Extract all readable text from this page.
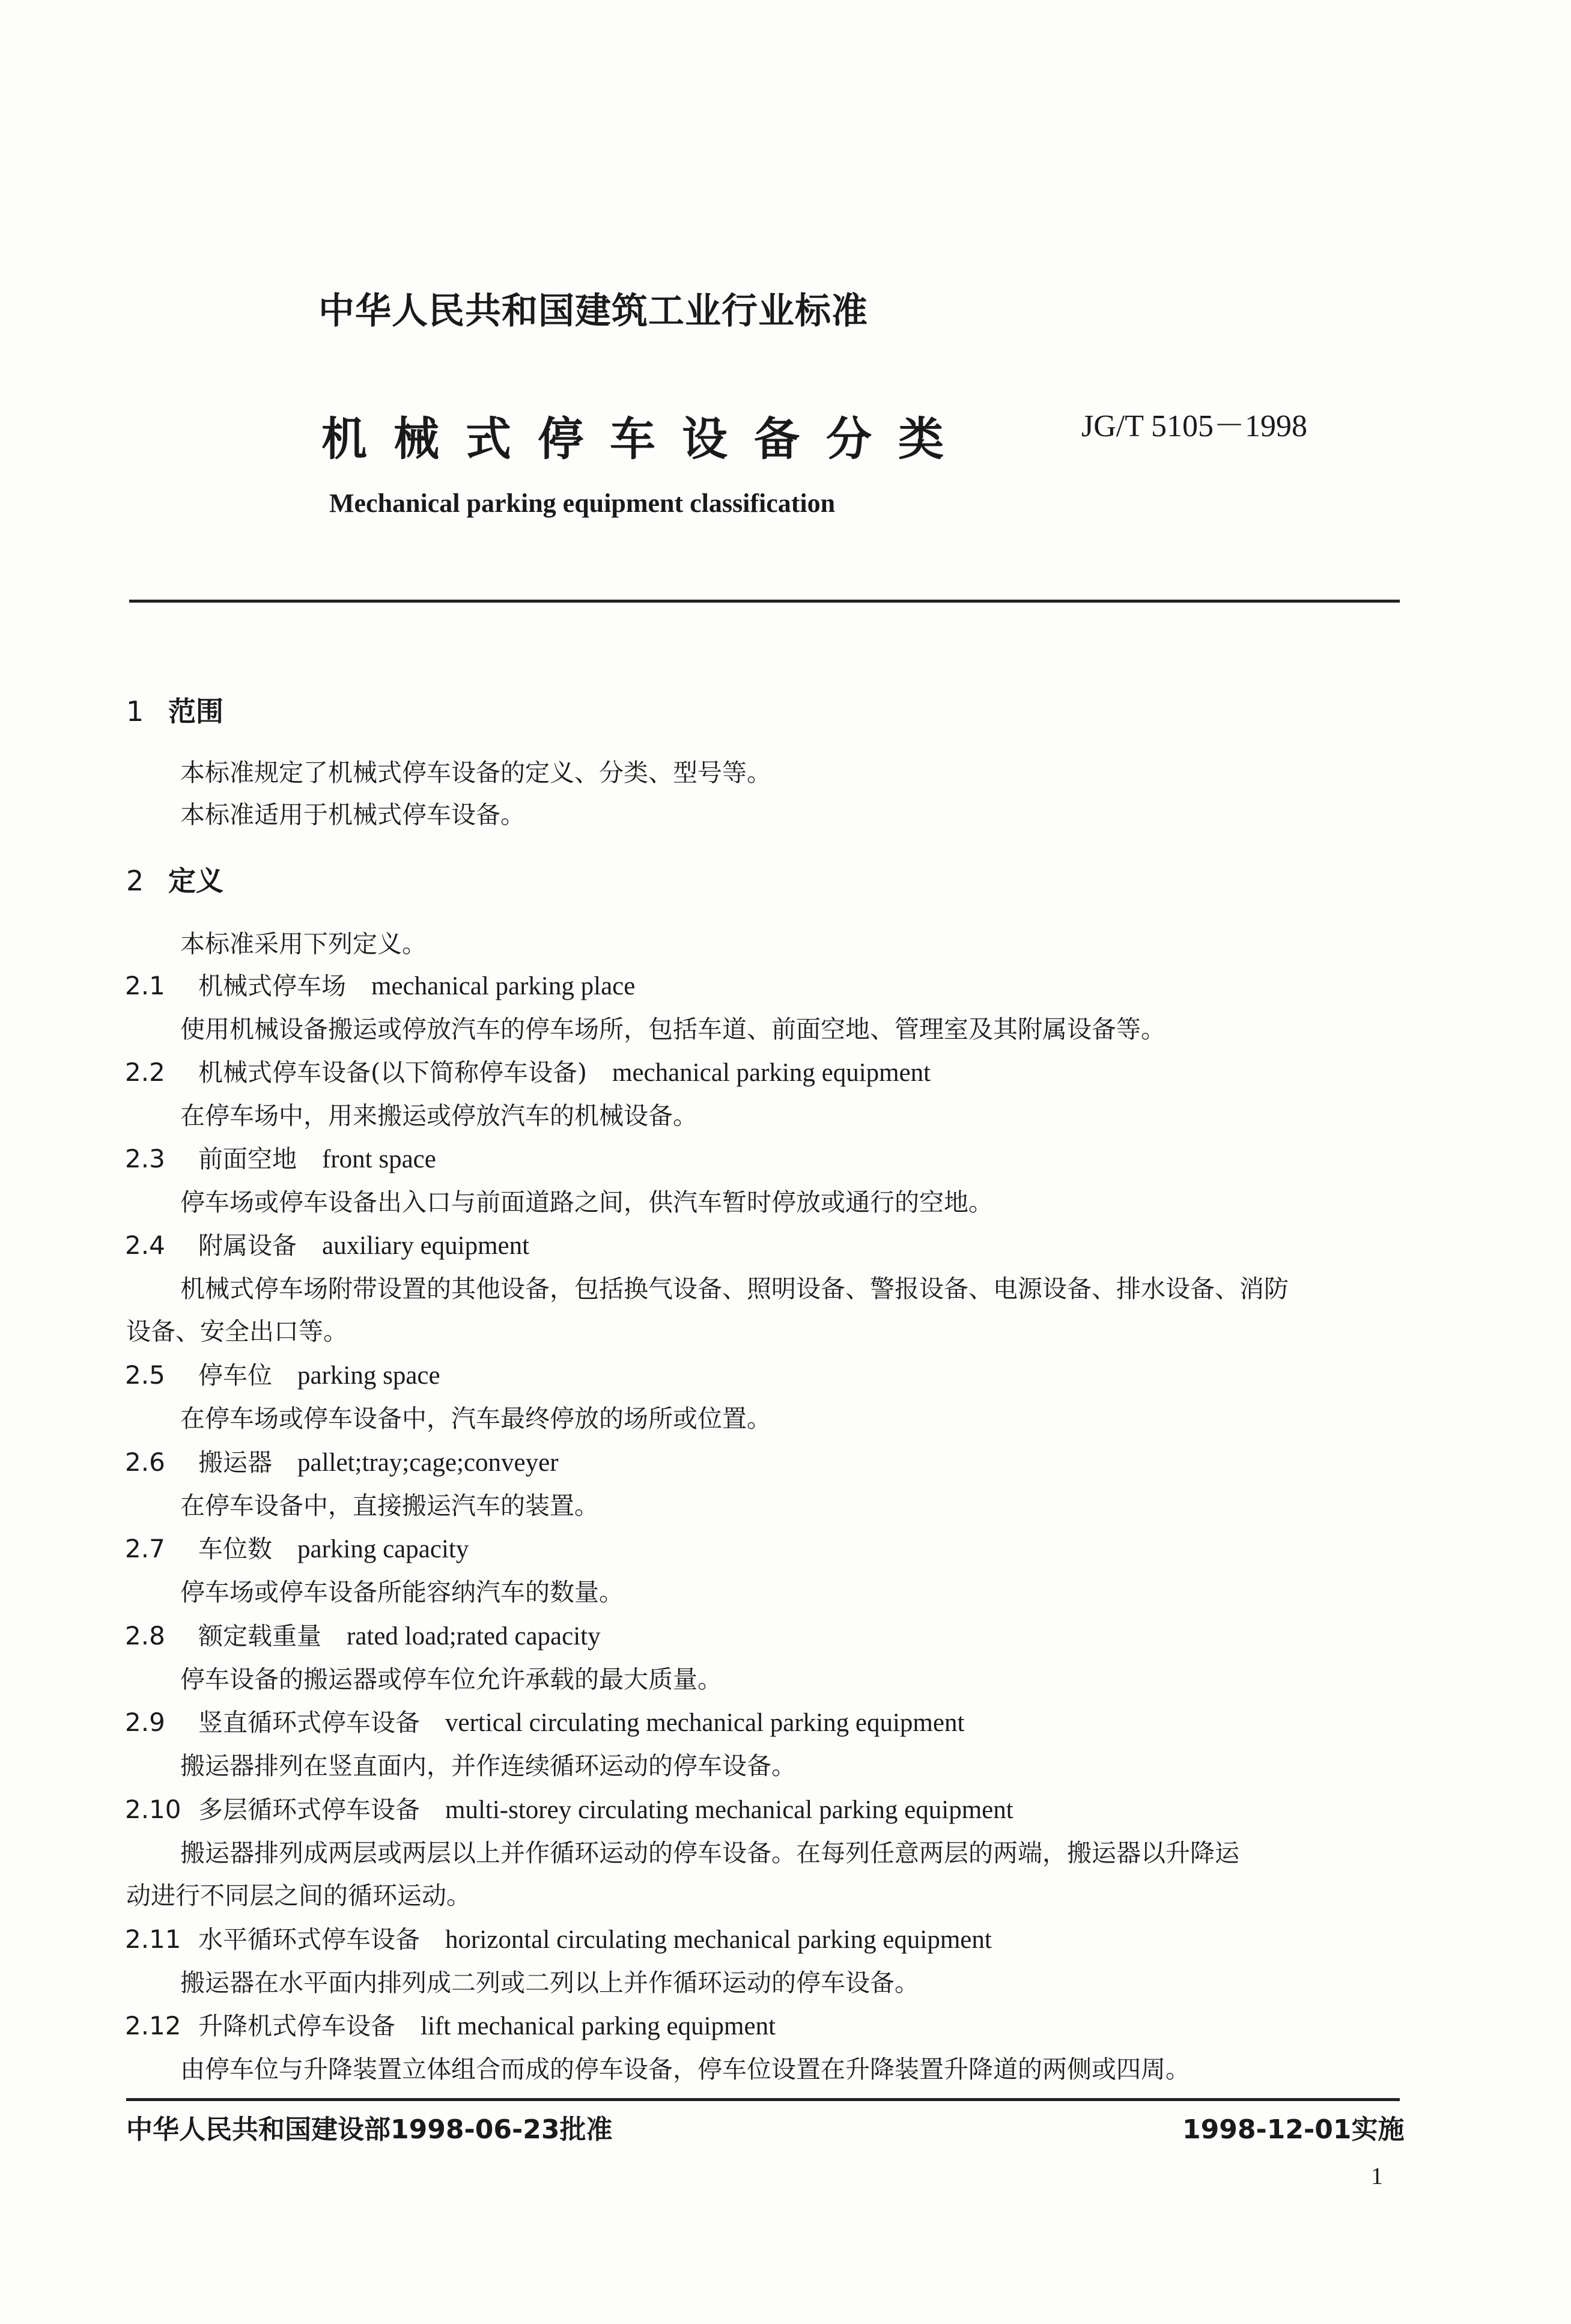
中华人民共和国建筑工业行业标准
机械式停车设备分类	JG/T 5105－1998
Mechanical parking equipment classification
1 范围
本标准规定了机械式停车设备的定义、分类、型号等。
本标准适用于机械式停车设备。
2 定义
本标准采用下列定义。
2.1 机械式停车场 mechanical parking place
使用机械设备搬运或停放汽车的停车场所，包括车道、前面空地、管理室及其附属设备等。
2.2 机械式停车设备(以下简称停车设备) mechanical parking equipment
在停车场中，用来搬运或停放汽车的机械设备。
2.3 前面空地 front space
停车场或停车设备出入口与前面道路之间，供汽车暂时停放或通行的空地。
2.4 附属设备 auxiliary equipment
机械式停车场附带设置的其他设备，包括换气设备、照明设备、警报设备、电源设备、排水设备、消防
设备、安全出口等。
2.5 停车位 parking space
在停车场或停车设备中，汽车最终停放的场所或位置。
2.6 搬运器 pallet;tray;cage;conveyer
在停车设备中，直接搬运汽车的装置。
2.7 车位数 parking capacity
停车场或停车设备所能容纳汽车的数量。
2.8 额定载重量 rated load;rated capacity
停车设备的搬运器或停车位允许承载的最大质量。
2.9 竖直循环式停车设备 vertical circulating mechanical parking equipment
搬运器排列在竖直面内，并作连续循环运动的停车设备。
2.10 多层循环式停车设备 multi-storey circulating mechanical parking equipment
搬运器排列成两层或两层以上并作循环运动的停车设备。在每列任意两层的两端，搬运器以升降运
动进行不同层之间的循环运动。
2.11 水平循环式停车设备 horizontal circulating mechanical parking equipment
搬运器在水平面内排列成二列或二列以上并作循环运动的停车设备。
2.12 升降机式停车设备 lift mechanical parking equipment
由停车位与升降装置立体组合而成的停车设备，停车位设置在升降装置升降道的两侧或四周。
中华人民共和国建设部1998-06-23批准	1998-12-01实施
1
